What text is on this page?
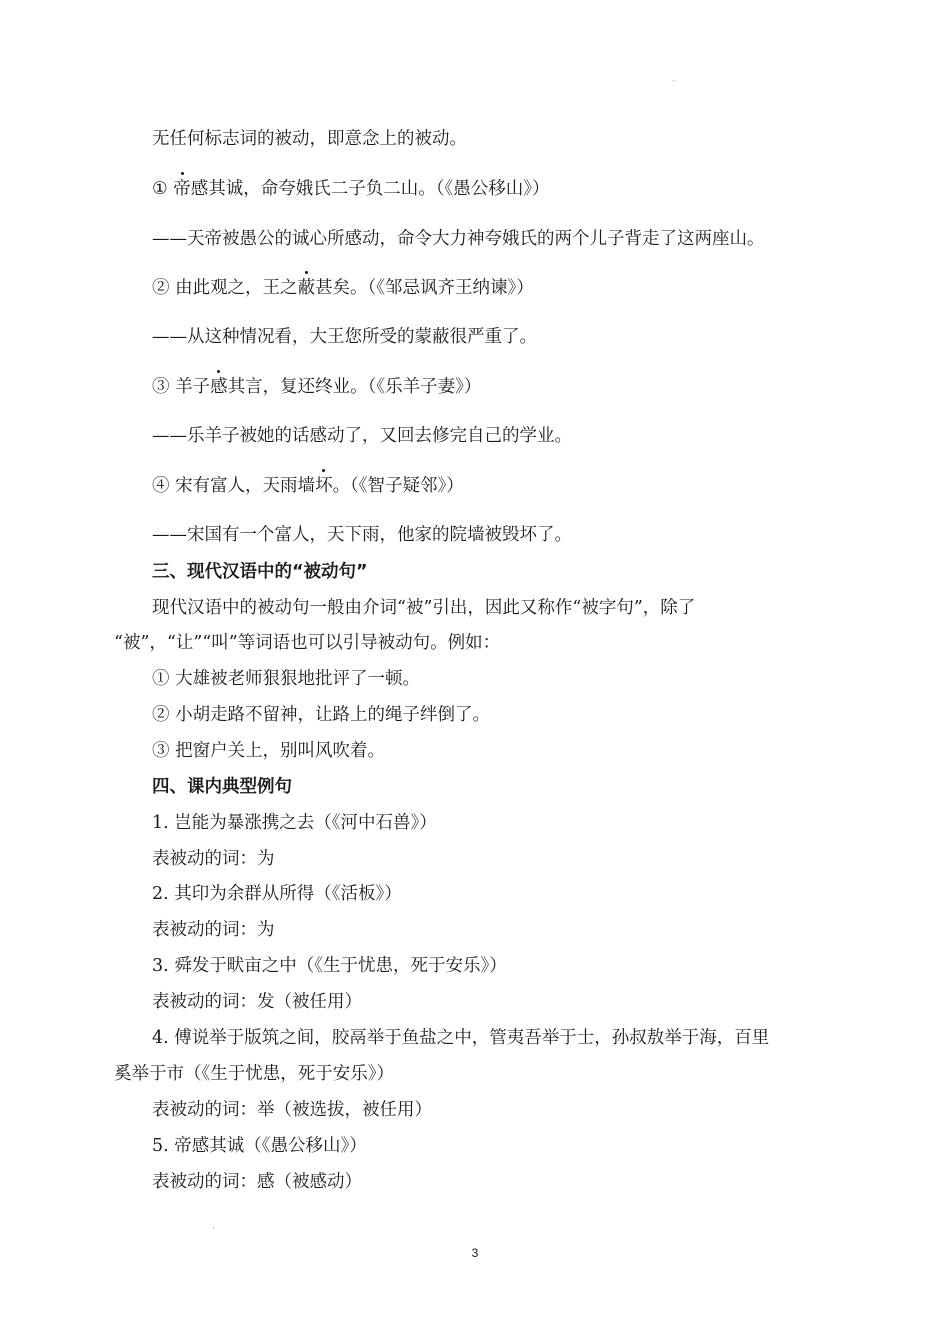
无任何标志词的被动，即意念上的被动。
① 帝感其诚，命夸娥氏二子负二山。（《愚公移山》）
——天帝被愚公的诚心所感动，命令大力神夸娥氏的两个儿子背走了这两座山。
② 由此观之，王之蔽甚矣。（《邹忌讽齐王纳谏》）
——从这种情况看，大王您所受的蒙蔽很严重了。
③ 羊子感其言，复还终业。（《乐羊子妻》）
——乐羊子被她的话感动了，又回去修完自己的学业。
④ 宋有富人，天雨墙坏。（《智子疑邻》）
——宋国有一个富人，天下雨，他家的院墙被毁坏了。
三、现代汉语中的“被动句”
现代汉语中的被动句一般由介词“被”引出，因此又称作“被字句”，除了
“被”，“让”“叫”等词语也可以引导被动句。例如：
① 大雄被老师狠狠地批评了一顿。
② 小胡走路不留神，让路上的绳子绊倒了。
③ 把窗户关上，别叫风吹着。
四、课内典型例句
1. 岂能为暴涨携之去（《河中石兽》）
表被动的词：为
2. 其印为余群从所得（《活板》）
表被动的词：为
3. 舜发于畎亩之中（《生于忧患，死于安乐》）
表被动的词：发（被任用）
4. 傅说举于版筑之间，胶鬲举于鱼盐之中，管夷吾举于士，孙叔敖举于海，百里
奚举于市（《生于忧患，死于安乐》）
表被动的词：举（被选拔，被任用）
5. 帝感其诚（《愚公移山》）
表被动的词：感（被感动）
3
